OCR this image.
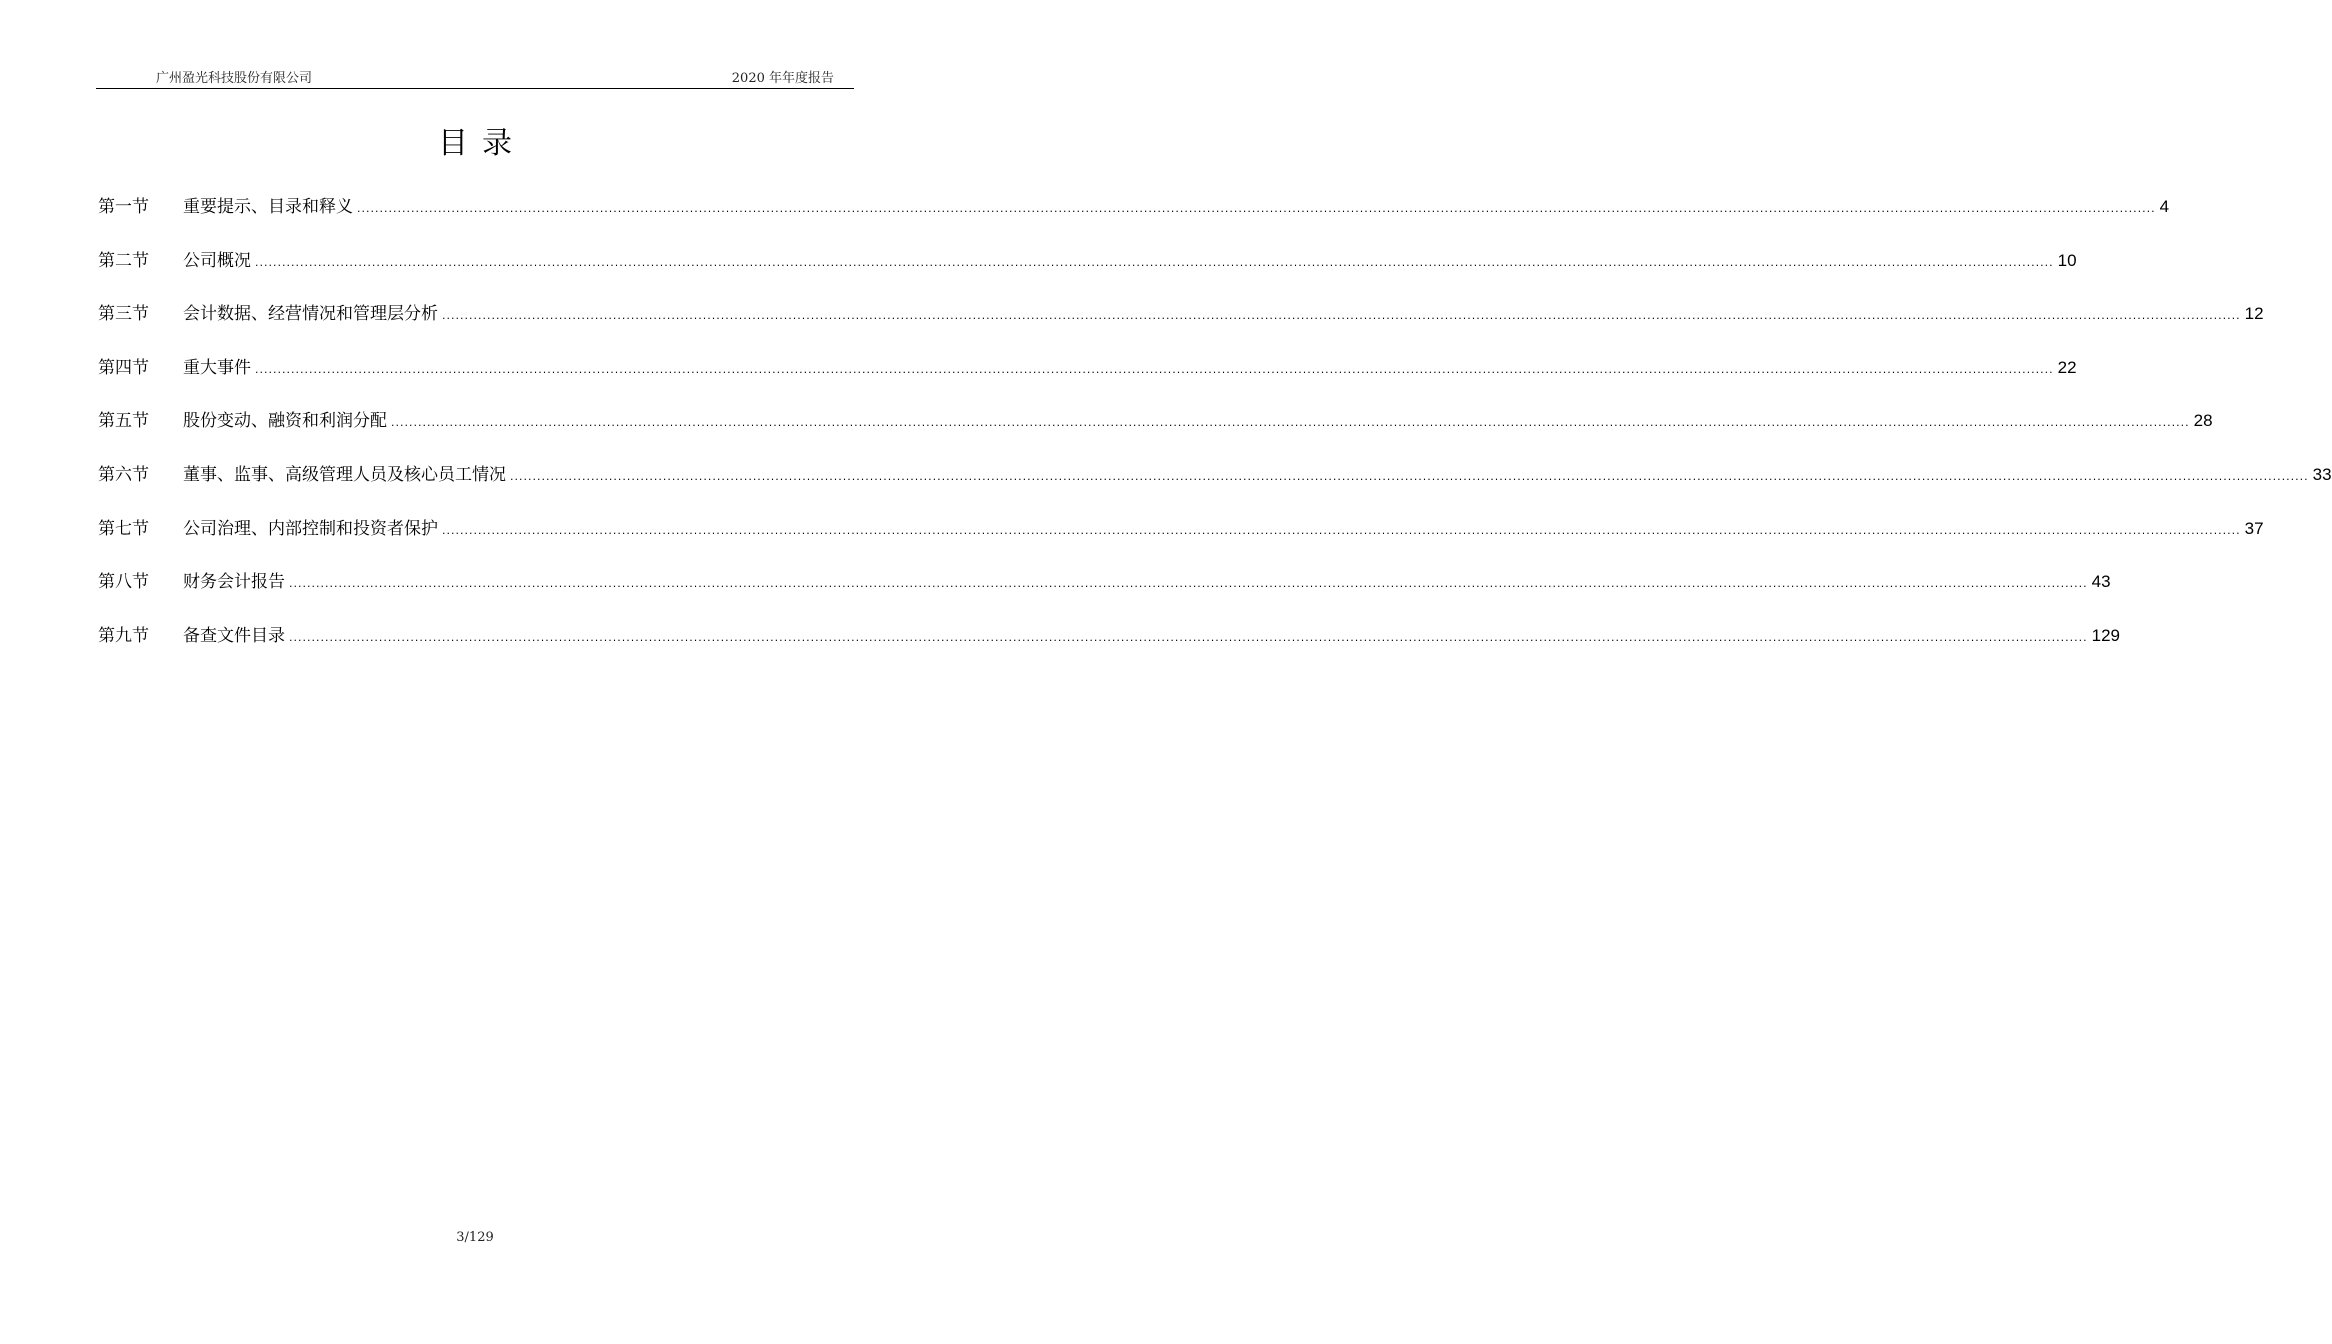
广州盈光科技股份有限公司	2020 年年度报告
目录
第一节	重要提示、目录和释义 ................................................................................................................................................................................................................................................................................................................................................................................................................ 4
第二节	公司概况 ................................................................................................................................................................................................................................................................................................................................................................................................................ 10
第三节	会计数据、经营情况和管理层分析 ................................................................................................................................................................................................................................................................................................................................................................................................................ 12
第四节	重大事件 ................................................................................................................................................................................................................................................................................................................................................................................................................ 22
第五节	股份变动、融资和利润分配 ................................................................................................................................................................................................................................................................................................................................................................................................................ 28
第六节	董事、监事、高级管理人员及核心员工情况 ................................................................................................................................................................................................................................................................................................................................................................................................................ 33
第七节	公司治理、内部控制和投资者保护 ................................................................................................................................................................................................................................................................................................................................................................................................................ 37
第八节	财务会计报告 ................................................................................................................................................................................................................................................................................................................................................................................................................ 43
第九节	备查文件目录 ................................................................................................................................................................................................................................................................................................................................................................................................................ 129
3/129
